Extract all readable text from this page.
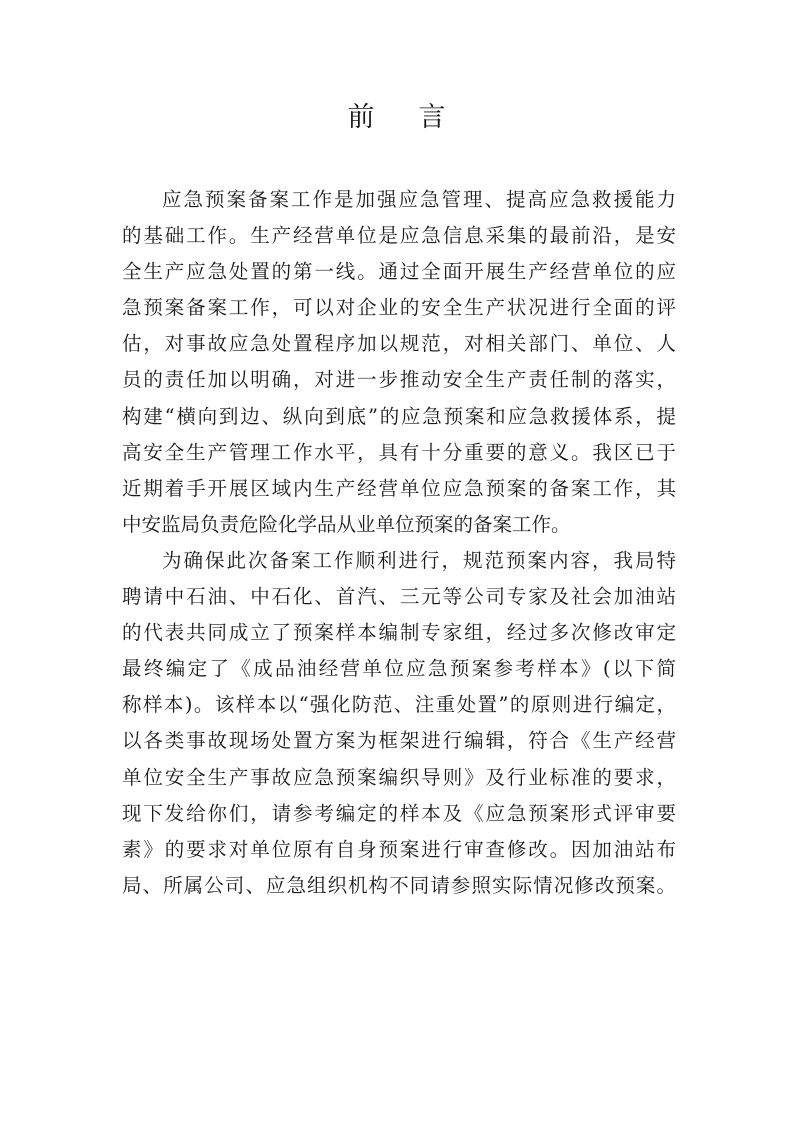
前言
应急预案备案工作是加强应急管理、提高应急救援能力
的基础工作。生产经营单位是应急信息采集的最前沿，是安
全生产应急处置的第一线。通过全面开展生产经营单位的应
急预案备案工作，可以对企业的安全生产状况进行全面的评
估，对事故应急处置程序加以规范，对相关部门、单位、人
员的责任加以明确，对进一步推动安全生产责任制的落实，
构建“横向到边、纵向到底”的应急预案和应急救援体系，提
高安全生产管理工作水平，具有十分重要的意义。我区已于
近期着手开展区域内生产经营单位应急预案的备案工作，其
中安监局负责危险化学品从业单位预案的备案工作。
为确保此次备案工作顺利进行，规范预案内容，我局特
聘请中石油、中石化、首汽、三元等公司专家及社会加油站
的代表共同成立了预案样本编制专家组，经过多次修改审定
最终编定了《成品油经营单位应急预案参考样本》(以下简
称样本)。该样本以“强化防范、注重处置”的原则进行编定，
以各类事故现场处置方案为框架进行编辑，符合《生产经营
单位安全生产事故应急预案编织导则》及行业标准的要求，
现下发给你们，请参考编定的样本及《应急预案形式评审要
素》的要求对单位原有自身预案进行审查修改。因加油站布
局、所属公司、应急组织机构不同请参照实际情况修改预案。
